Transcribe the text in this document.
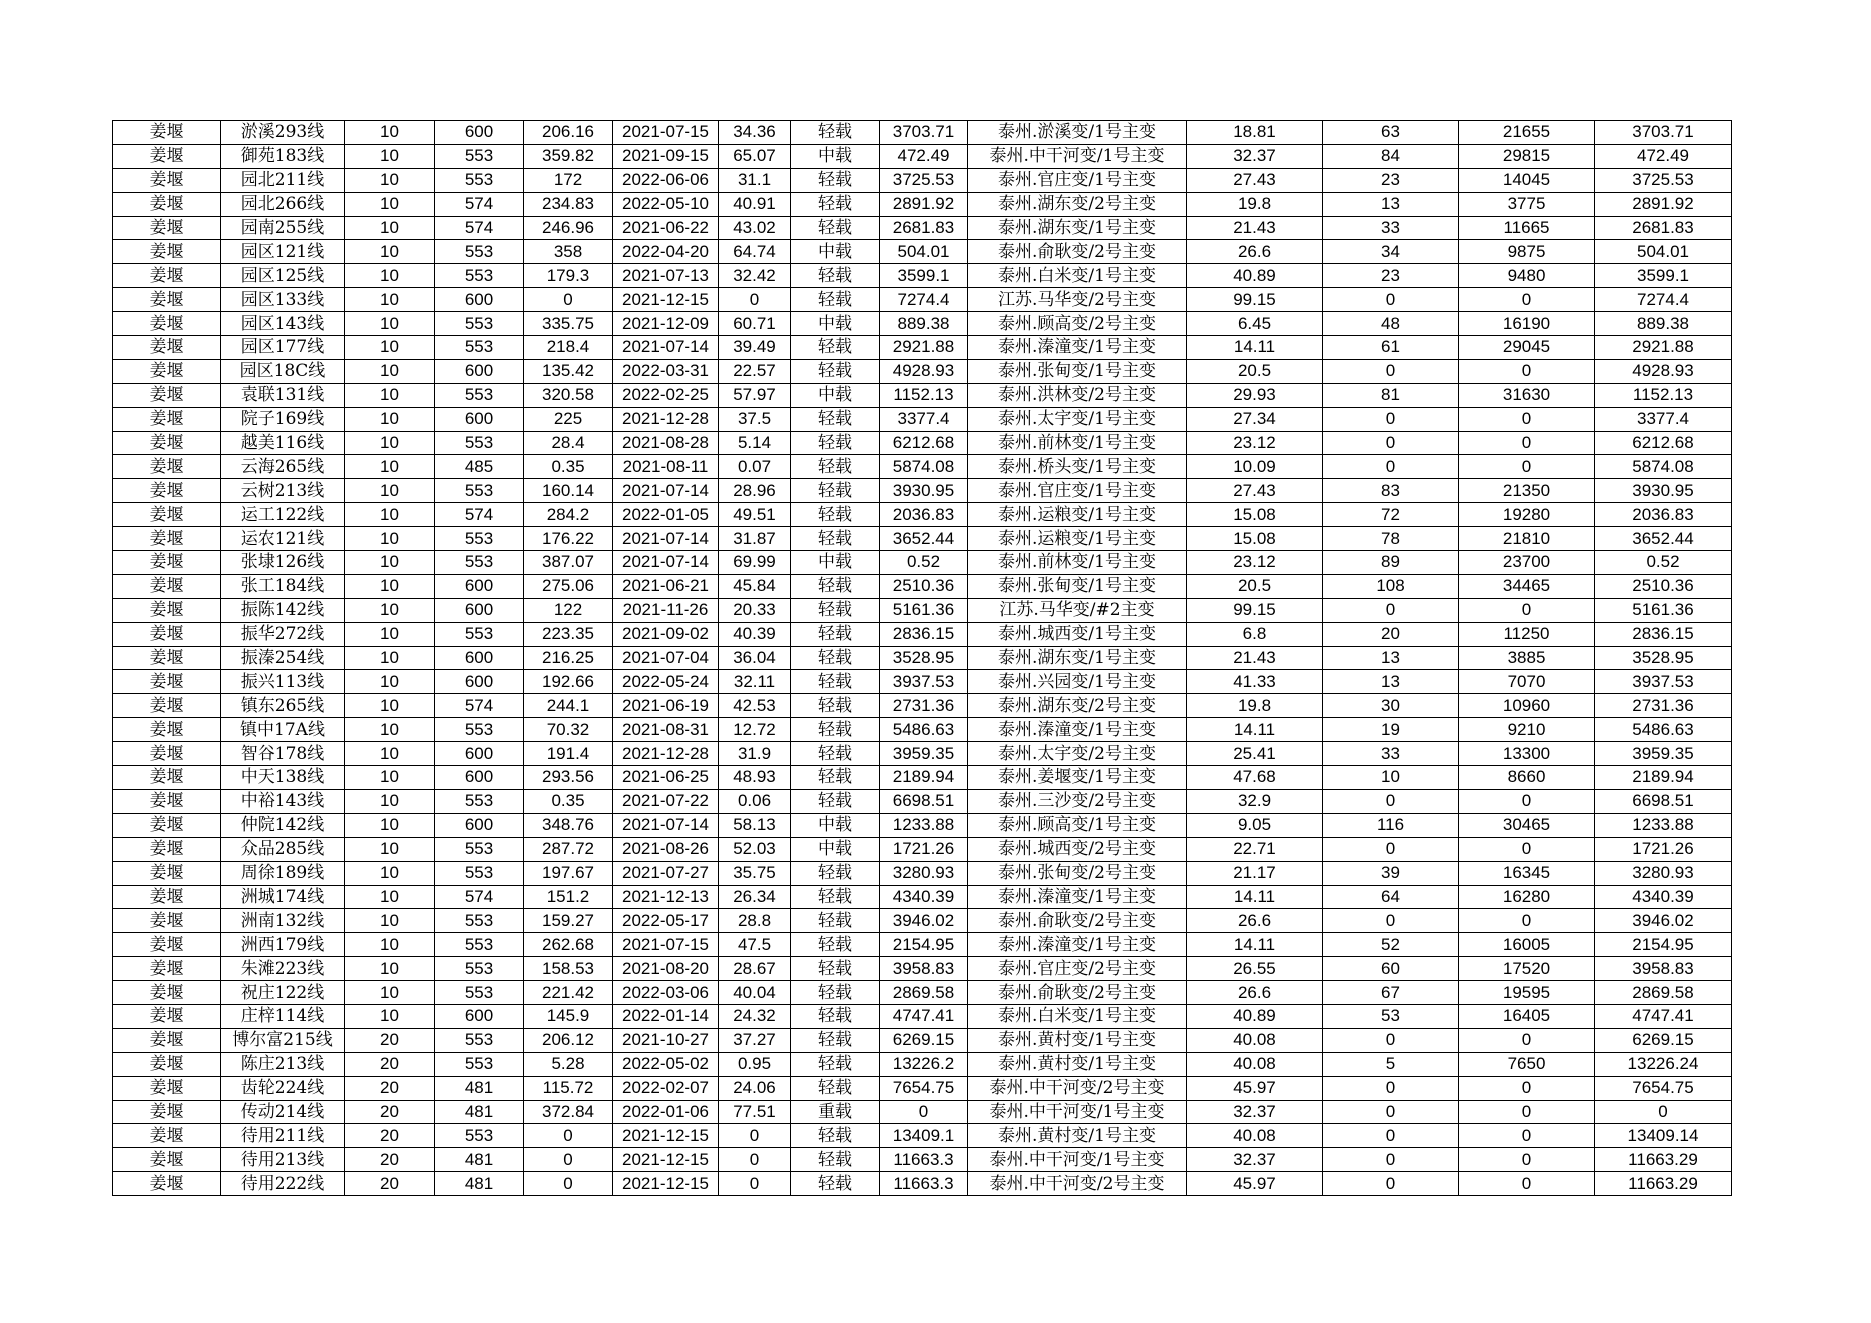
姜堰	淤溪293线	10	600	206.16	2021-07-15	34.36	轻载	3703.71	泰州.淤溪变/1号主变	18.81	63	21655	3703.71
姜堰	御苑183线	10	553	359.82	2021-09-15	65.07	中载	472.49	泰州.中干河变/1号主变	32.37	84	29815	472.49
姜堰	园北211线	10	553	172	2022-06-06	31.1	轻载	3725.53	泰州.官庄变/1号主变	27.43	23	14045	3725.53
姜堰	园北266线	10	574	234.83	2022-05-10	40.91	轻载	2891.92	泰州.湖东变/2号主变	19.8	13	3775	2891.92
姜堰	园南255线	10	574	246.96	2021-06-22	43.02	轻载	2681.83	泰州.湖东变/1号主变	21.43	33	11665	2681.83
姜堰	园区121线	10	553	358	2022-04-20	64.74	中载	504.01	泰州.俞耿变/2号主变	26.6	34	9875	504.01
姜堰	园区125线	10	553	179.3	2021-07-13	32.42	轻载	3599.1	泰州.白米变/1号主变	40.89	23	9480	3599.1
姜堰	园区133线	10	600	0	2021-12-15	0	轻载	7274.4	江苏.马华变/2号主变	99.15	0	0	7274.4
姜堰	园区143线	10	553	335.75	2021-12-09	60.71	中载	889.38	泰州.顾高变/2号主变	6.45	48	16190	889.38
姜堰	园区177线	10	553	218.4	2021-07-14	39.49	轻载	2921.88	泰州.溱潼变/1号主变	14.11	61	29045	2921.88
姜堰	园区18C线	10	600	135.42	2022-03-31	22.57	轻载	4928.93	泰州.张甸变/1号主变	20.5	0	0	4928.93
姜堰	袁联131线	10	553	320.58	2022-02-25	57.97	中载	1152.13	泰州.洪林变/2号主变	29.93	81	31630	1152.13
姜堰	院子169线	10	600	225	2021-12-28	37.5	轻载	3377.4	泰州.太宇变/1号主变	27.34	0	0	3377.4
姜堰	越美116线	10	553	28.4	2021-08-28	5.14	轻载	6212.68	泰州.前林变/1号主变	23.12	0	0	6212.68
姜堰	云海265线	10	485	0.35	2021-08-11	0.07	轻载	5874.08	泰州.桥头变/1号主变	10.09	0	0	5874.08
姜堰	云树213线	10	553	160.14	2021-07-14	28.96	轻载	3930.95	泰州.官庄变/1号主变	27.43	83	21350	3930.95
姜堰	运工122线	10	574	284.2	2022-01-05	49.51	轻载	2036.83	泰州.运粮变/1号主变	15.08	72	19280	2036.83
姜堰	运农121线	10	553	176.22	2021-07-14	31.87	轻载	3652.44	泰州.运粮变/1号主变	15.08	78	21810	3652.44
姜堰	张埭126线	10	553	387.07	2021-07-14	69.99	中载	0.52	泰州.前林变/1号主变	23.12	89	23700	0.52
姜堰	张工184线	10	600	275.06	2021-06-21	45.84	轻载	2510.36	泰州.张甸变/1号主变	20.5	108	34465	2510.36
姜堰	振陈142线	10	600	122	2021-11-26	20.33	轻载	5161.36	江苏.马华变/#2主变	99.15	0	0	5161.36
姜堰	振华272线	10	553	223.35	2021-09-02	40.39	轻载	2836.15	泰州.城西变/1号主变	6.8	20	11250	2836.15
姜堰	振溱254线	10	600	216.25	2021-07-04	36.04	轻载	3528.95	泰州.湖东变/1号主变	21.43	13	3885	3528.95
姜堰	振兴113线	10	600	192.66	2022-05-24	32.11	轻载	3937.53	泰州.兴园变/1号主变	41.33	13	7070	3937.53
姜堰	镇东265线	10	574	244.1	2021-06-19	42.53	轻载	2731.36	泰州.湖东变/2号主变	19.8	30	10960	2731.36
姜堰	镇中17A线	10	553	70.32	2021-08-31	12.72	轻载	5486.63	泰州.溱潼变/1号主变	14.11	19	9210	5486.63
姜堰	智谷178线	10	600	191.4	2021-12-28	31.9	轻载	3959.35	泰州.太宇变/2号主变	25.41	33	13300	3959.35
姜堰	中天138线	10	600	293.56	2021-06-25	48.93	轻载	2189.94	泰州.姜堰变/1号主变	47.68	10	8660	2189.94
姜堰	中裕143线	10	553	0.35	2021-07-22	0.06	轻载	6698.51	泰州.三沙变/2号主变	32.9	0	0	6698.51
姜堰	仲院142线	10	600	348.76	2021-07-14	58.13	中载	1233.88	泰州.顾高变/1号主变	9.05	116	30465	1233.88
姜堰	众品285线	10	553	287.72	2021-08-26	52.03	中载	1721.26	泰州.城西变/2号主变	22.71	0	0	1721.26
姜堰	周徐189线	10	553	197.67	2021-07-27	35.75	轻载	3280.93	泰州.张甸变/2号主变	21.17	39	16345	3280.93
姜堰	洲城174线	10	574	151.2	2021-12-13	26.34	轻载	4340.39	泰州.溱潼变/1号主变	14.11	64	16280	4340.39
姜堰	洲南132线	10	553	159.27	2022-05-17	28.8	轻载	3946.02	泰州.俞耿变/2号主变	26.6	0	0	3946.02
姜堰	洲西179线	10	553	262.68	2021-07-15	47.5	轻载	2154.95	泰州.溱潼变/1号主变	14.11	52	16005	2154.95
姜堰	朱滩223线	10	553	158.53	2021-08-20	28.67	轻载	3958.83	泰州.官庄变/2号主变	26.55	60	17520	3958.83
姜堰	祝庄122线	10	553	221.42	2022-03-06	40.04	轻载	2869.58	泰州.俞耿变/2号主变	26.6	67	19595	2869.58
姜堰	庄梓114线	10	600	145.9	2022-01-14	24.32	轻载	4747.41	泰州.白米变/1号主变	40.89	53	16405	4747.41
姜堰	博尔富215线	20	553	206.12	2021-10-27	37.27	轻载	6269.15	泰州.黄村变/1号主变	40.08	0	0	6269.15
姜堰	陈庄213线	20	553	5.28	2022-05-02	0.95	轻载	13226.2	泰州.黄村变/1号主变	40.08	5	7650	13226.24
姜堰	齿轮224线	20	481	115.72	2022-02-07	24.06	轻载	7654.75	泰州.中干河变/2号主变	45.97	0	0	7654.75
姜堰	传动214线	20	481	372.84	2022-01-06	77.51	重载	0	泰州.中干河变/1号主变	32.37	0	0	0
姜堰	待用211线	20	553	0	2021-12-15	0	轻载	13409.1	泰州.黄村变/1号主变	40.08	0	0	13409.14
姜堰	待用213线	20	481	0	2021-12-15	0	轻载	11663.3	泰州.中干河变/1号主变	32.37	0	0	11663.29
姜堰	待用222线	20	481	0	2021-12-15	0	轻载	11663.3	泰州.中干河变/2号主变	45.97	0	0	11663.29
